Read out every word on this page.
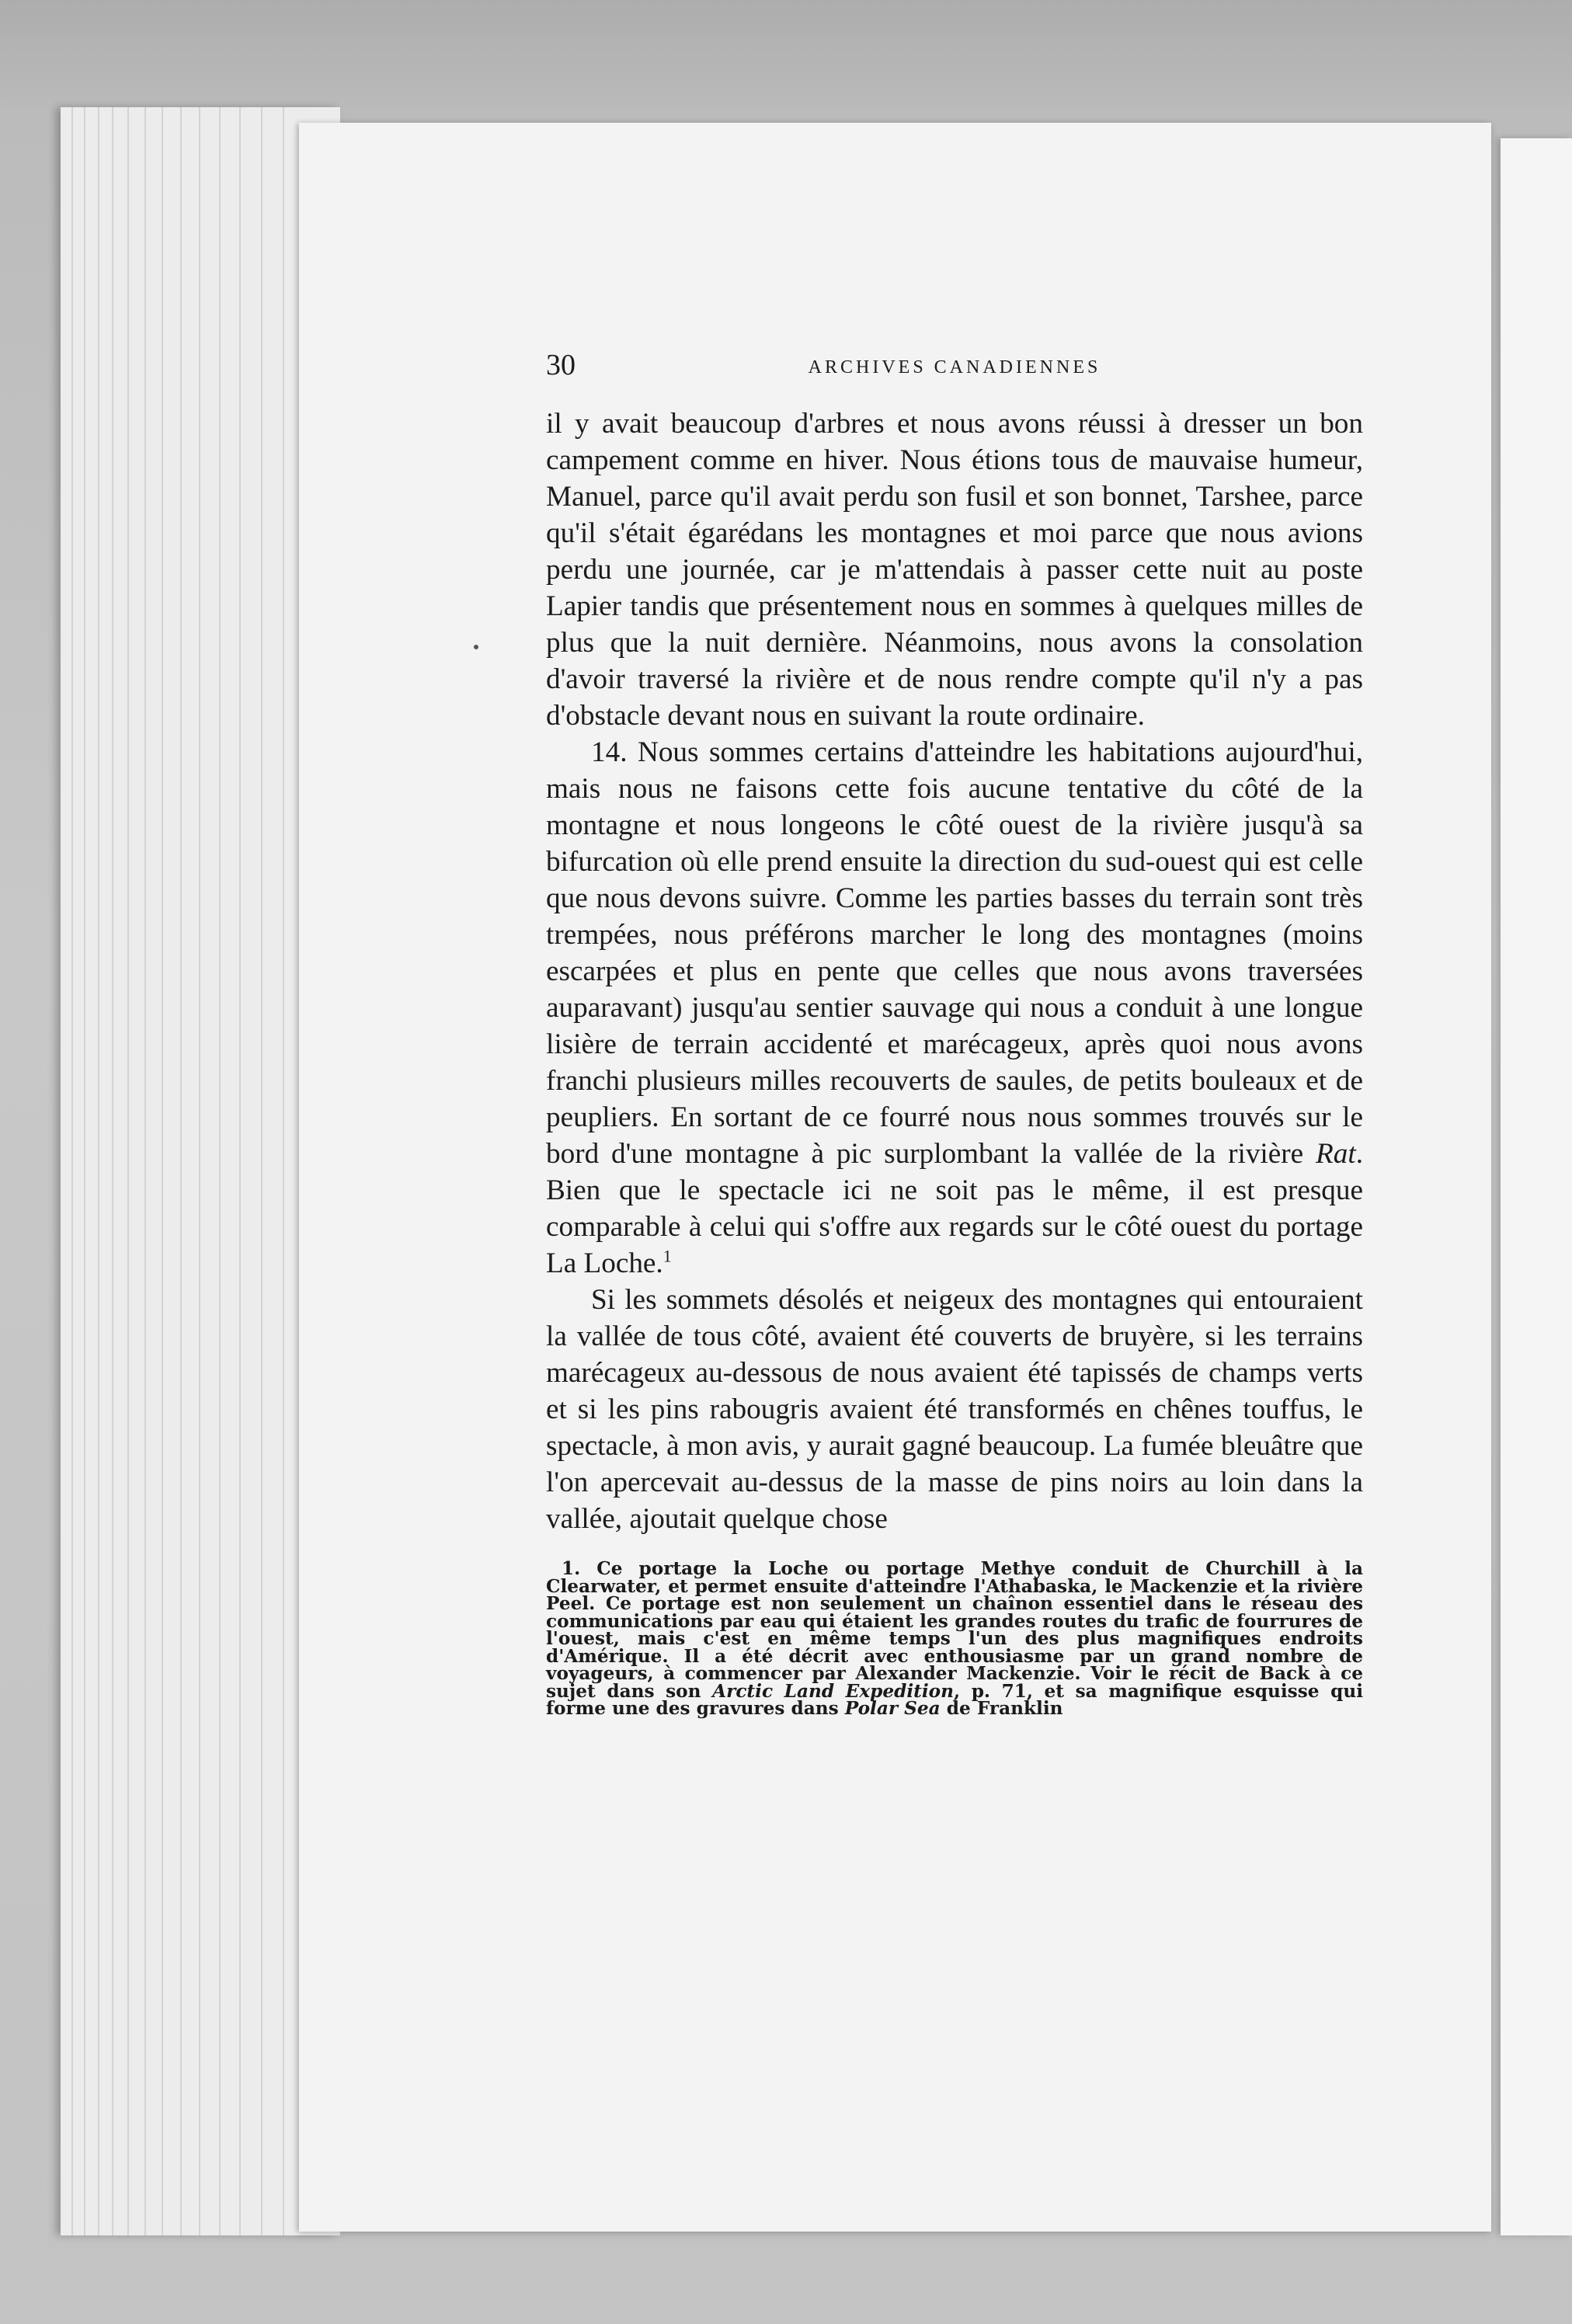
30	ARCHIVES CANADIENNES

il y avait beaucoup d'arbres et nous avons réussi à dresser un bon campement comme en hiver. Nous étions tous de mauvaise humeur, Manuel, parce qu'il avait perdu son fusil et son bonnet, Tarshee, parce qu'il s'était égarédans les montagnes et moi parce que nous avions perdu une journée, car je m'attendais à passer cette nuit au poste Lapier tandis que présentement nous en sommes à quelques milles de plus que la nuit dernière. Néanmoins, nous avons la consolation d'avoir traversé la rivière et de nous rendre compte qu'il n'y a pas d'obstacle devant nous en suivant la route ordinaire.

14. Nous sommes certains d'atteindre les habitations aujourd'hui, mais nous ne faisons cette fois aucune tentative du côté de la montagne et nous longeons le côté ouest de la rivière jusqu'à sa bifurcation où elle prend ensuite la direction du sud-ouest qui est celle que nous devons suivre. Comme les parties basses du terrain sont très trempées, nous préférons marcher le long des montagnes (moins escarpées et plus en pente que celles que nous avons traversées auparavant) jusqu'au sentier sauvage qui nous a conduit à une longue lisière de terrain accidenté et marécageux, après quoi nous avons franchi plusieurs milles recouverts de saules, de petits bouleaux et de peupliers. En sortant de ce fourré nous nous sommes trouvés sur le bord d'une montagne à pic surplombant la vallée de la rivière Rat. Bien que le spectacle ici ne soit pas le même, il est presque comparable à celui qui s'offre aux regards sur le côté ouest du portage La Loche.$^1$

Si les sommets désolés et neigeux des montagnes qui entouraient la vallée de tous côté, avaient été couverts de bruyère, si les terrains marécageux au-dessous de nous avaient été tapissés de champs verts et si les pins rabougris avaient été transformés en chênes touffus, le spectacle, à mon avis, y aurait gagné beaucoup. La fumée bleuâtre que l'on apercevait au-dessus de la masse de pins noirs au loin dans la vallée, ajoutait quelque chose

1. Ce portage la Loche ou portage Methye conduit de Churchill à la Clearwater, et permet ensuite d'atteindre l'Athabaska, le Mackenzie et la rivière Peel. Ce portage est non seulement un chaînon essentiel dans le réseau des communications par eau qui étaient les grandes routes du trafic de fourrures de l'ouest, mais c'est en même temps l'un des plus magnifiques endroits d'Amérique. Il a été décrit avec enthousiasme par un grand nombre de voyageurs, à commencer par Alexander Mackenzie. Voir le récit de Back à ce sujet dans son Arctic Land Expedition, p. 71, et sa magnifique esquisse qui forme une des gravures dans Polar Sea de Franklin
